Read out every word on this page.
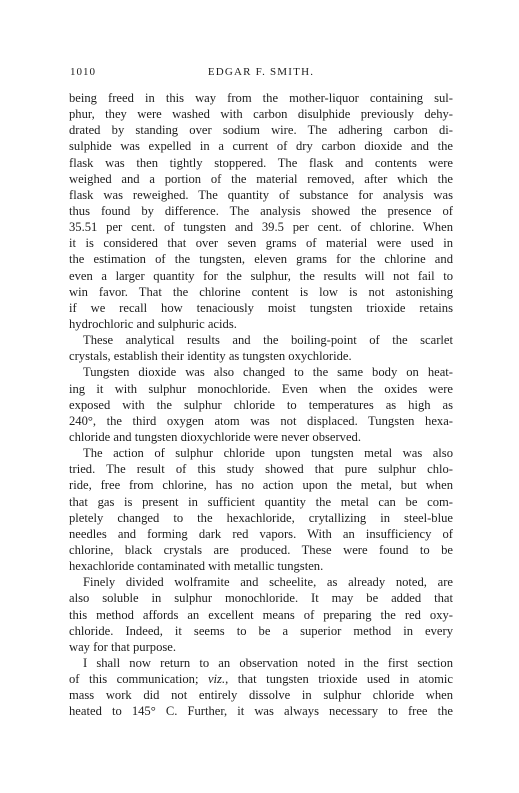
1010	EDGAR F. SMITH.
being freed in this way from the mother-liquor containing sul-
phur, they were washed with carbon disulphide previously dehy-
drated by standing over sodium wire. The adhering carbon di-
sulphide was expelled in a current of dry carbon dioxide and the
flask was then tightly stoppered. The flask and contents were
weighed and a portion of the material removed, after which the
flask was reweighed. The quantity of substance for analysis was
thus found by difference. The analysis showed the presence of
35.51 per cent. of tungsten and 39.5 per cent. of chlorine. When
it is considered that over seven grams of material were used in
the estimation of the tungsten, eleven grams for the chlorine and
even a larger quantity for the sulphur, the results will not fail to
win favor. That the chlorine content is low is not astonishing
if we recall how tenaciously moist tungsten trioxide retains
hydrochloric and sulphuric acids.
These analytical results and the boiling-point of the scarlet
crystals, establish their identity as tungsten oxychloride.
Tungsten dioxide was also changed to the same body on heat-
ing it with sulphur monochloride. Even when the oxides were
exposed with the sulphur chloride to temperatures as high as
240°, the third oxygen atom was not displaced. Tungsten hexa-
chloride and tungsten dioxychloride were never observed.
The action of sulphur chloride upon tungsten metal was also
tried. The result of this study showed that pure sulphur chlo-
ride, free from chlorine, has no action upon the metal, but when
that gas is present in sufficient quantity the metal can be com-
pletely changed to the hexachloride, crytallizing in steel-blue
needles and forming dark red vapors. With an insufficiency of
chlorine, black crystals are produced. These were found to be
hexachloride contaminated with metallic tungsten.
Finely divided wolframite and scheelite, as already noted, are
also soluble in sulphur monochloride. It may be added that
this method affords an excellent means of preparing the red oxy-
chloride. Indeed, it seems to be a superior method in every
way for that purpose.
I shall now return to an observation noted in the first section
of this communication; viz., that tungsten trioxide used in atomic
mass work did not entirely dissolve in sulphur chloride when
heated to 145° C. Further, it was always necessary to free the
